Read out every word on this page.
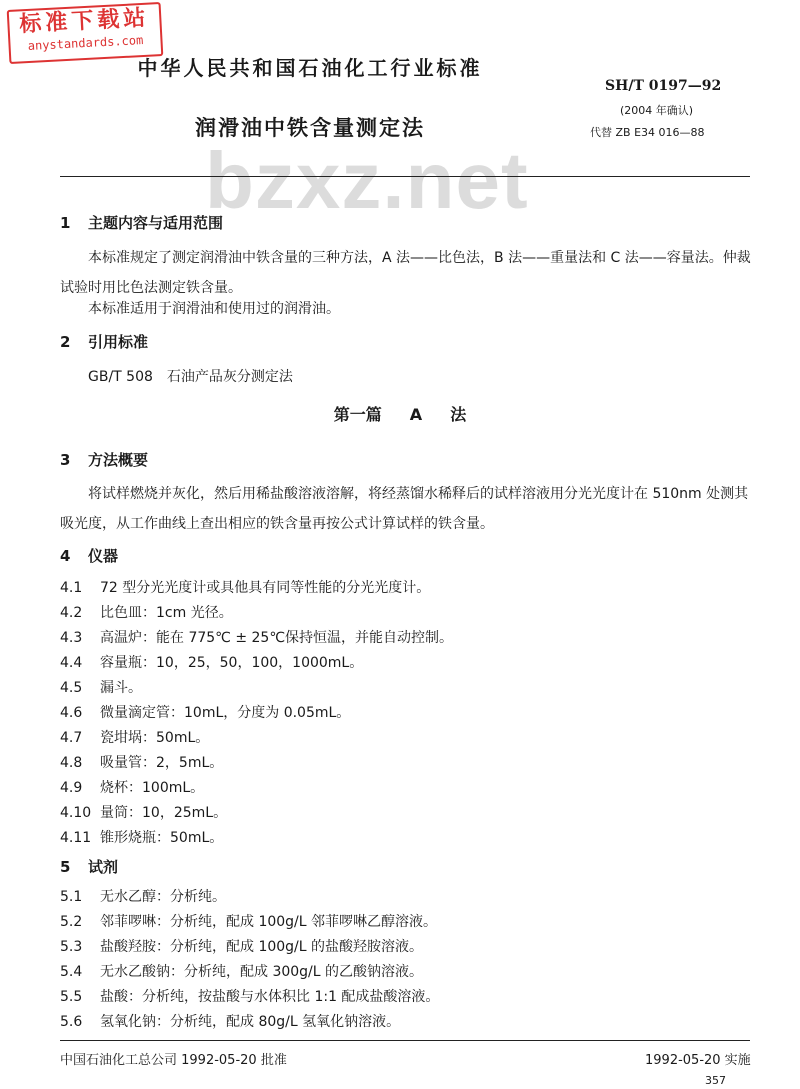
标准下载站
anystandards.com
中华人民共和国石油化工行业标准
SH/T 0197—92
(2004 年确认)
代替 ZB E34 016—88
润滑油中铁含量测定法
bzxz.net
1 主题内容与适用范围
本标准规定了测定润滑油中铁含量的三种方法，A 法——比色法，B 法——重量法和 C 法——容量法。仲裁试验时用比色法测定铁含量。
本标准适用于润滑油和使用过的润滑油。
2 引用标准
GB/T 508　石油产品灰分测定法
第一篇 A 法
3 方法概要
将试样燃烧并灰化，然后用稀盐酸溶液溶解，将经蒸馏水稀释后的试样溶液用分光光度计在 510nm 处测其吸光度，从工作曲线上查出相应的铁含量再按公式计算试样的铁含量。
4 仪器
4.1 72 型分光光度计或具他具有同等性能的分光光度计。
4.2 比色皿：1cm 光径。
4.3 高温炉：能在 775℃ ± 25℃保持恒温，并能自动控制。
4.4 容量瓶：10，25，50，100，1000mL。
4.5 漏斗。
4.6 微量滴定管：10mL，分度为 0.05mL。
4.7 瓷坩埚：50mL。
4.8 吸量管：2，5mL。
4.9 烧杯：100mL。
4.10 量筒：10，25mL。
4.11 锥形烧瓶：50mL。
5 试剂
5.1 无水乙醇：分析纯。
5.2 邻菲啰啉：分析纯，配成 100g/L 邻菲啰啉乙醇溶液。
5.3 盐酸羟胺：分析纯，配成 100g/L 的盐酸羟胺溶液。
5.4 无水乙酸钠：分析纯，配成 300g/L 的乙酸钠溶液。
5.5 盐酸：分析纯，按盐酸与水体积比 1:1 配成盐酸溶液。
5.6 氢氧化钠：分析纯，配成 80g/L 氢氧化钠溶液。
中国石油化工总公司 1992-05-20 批准	1992-05-20 实施
357
